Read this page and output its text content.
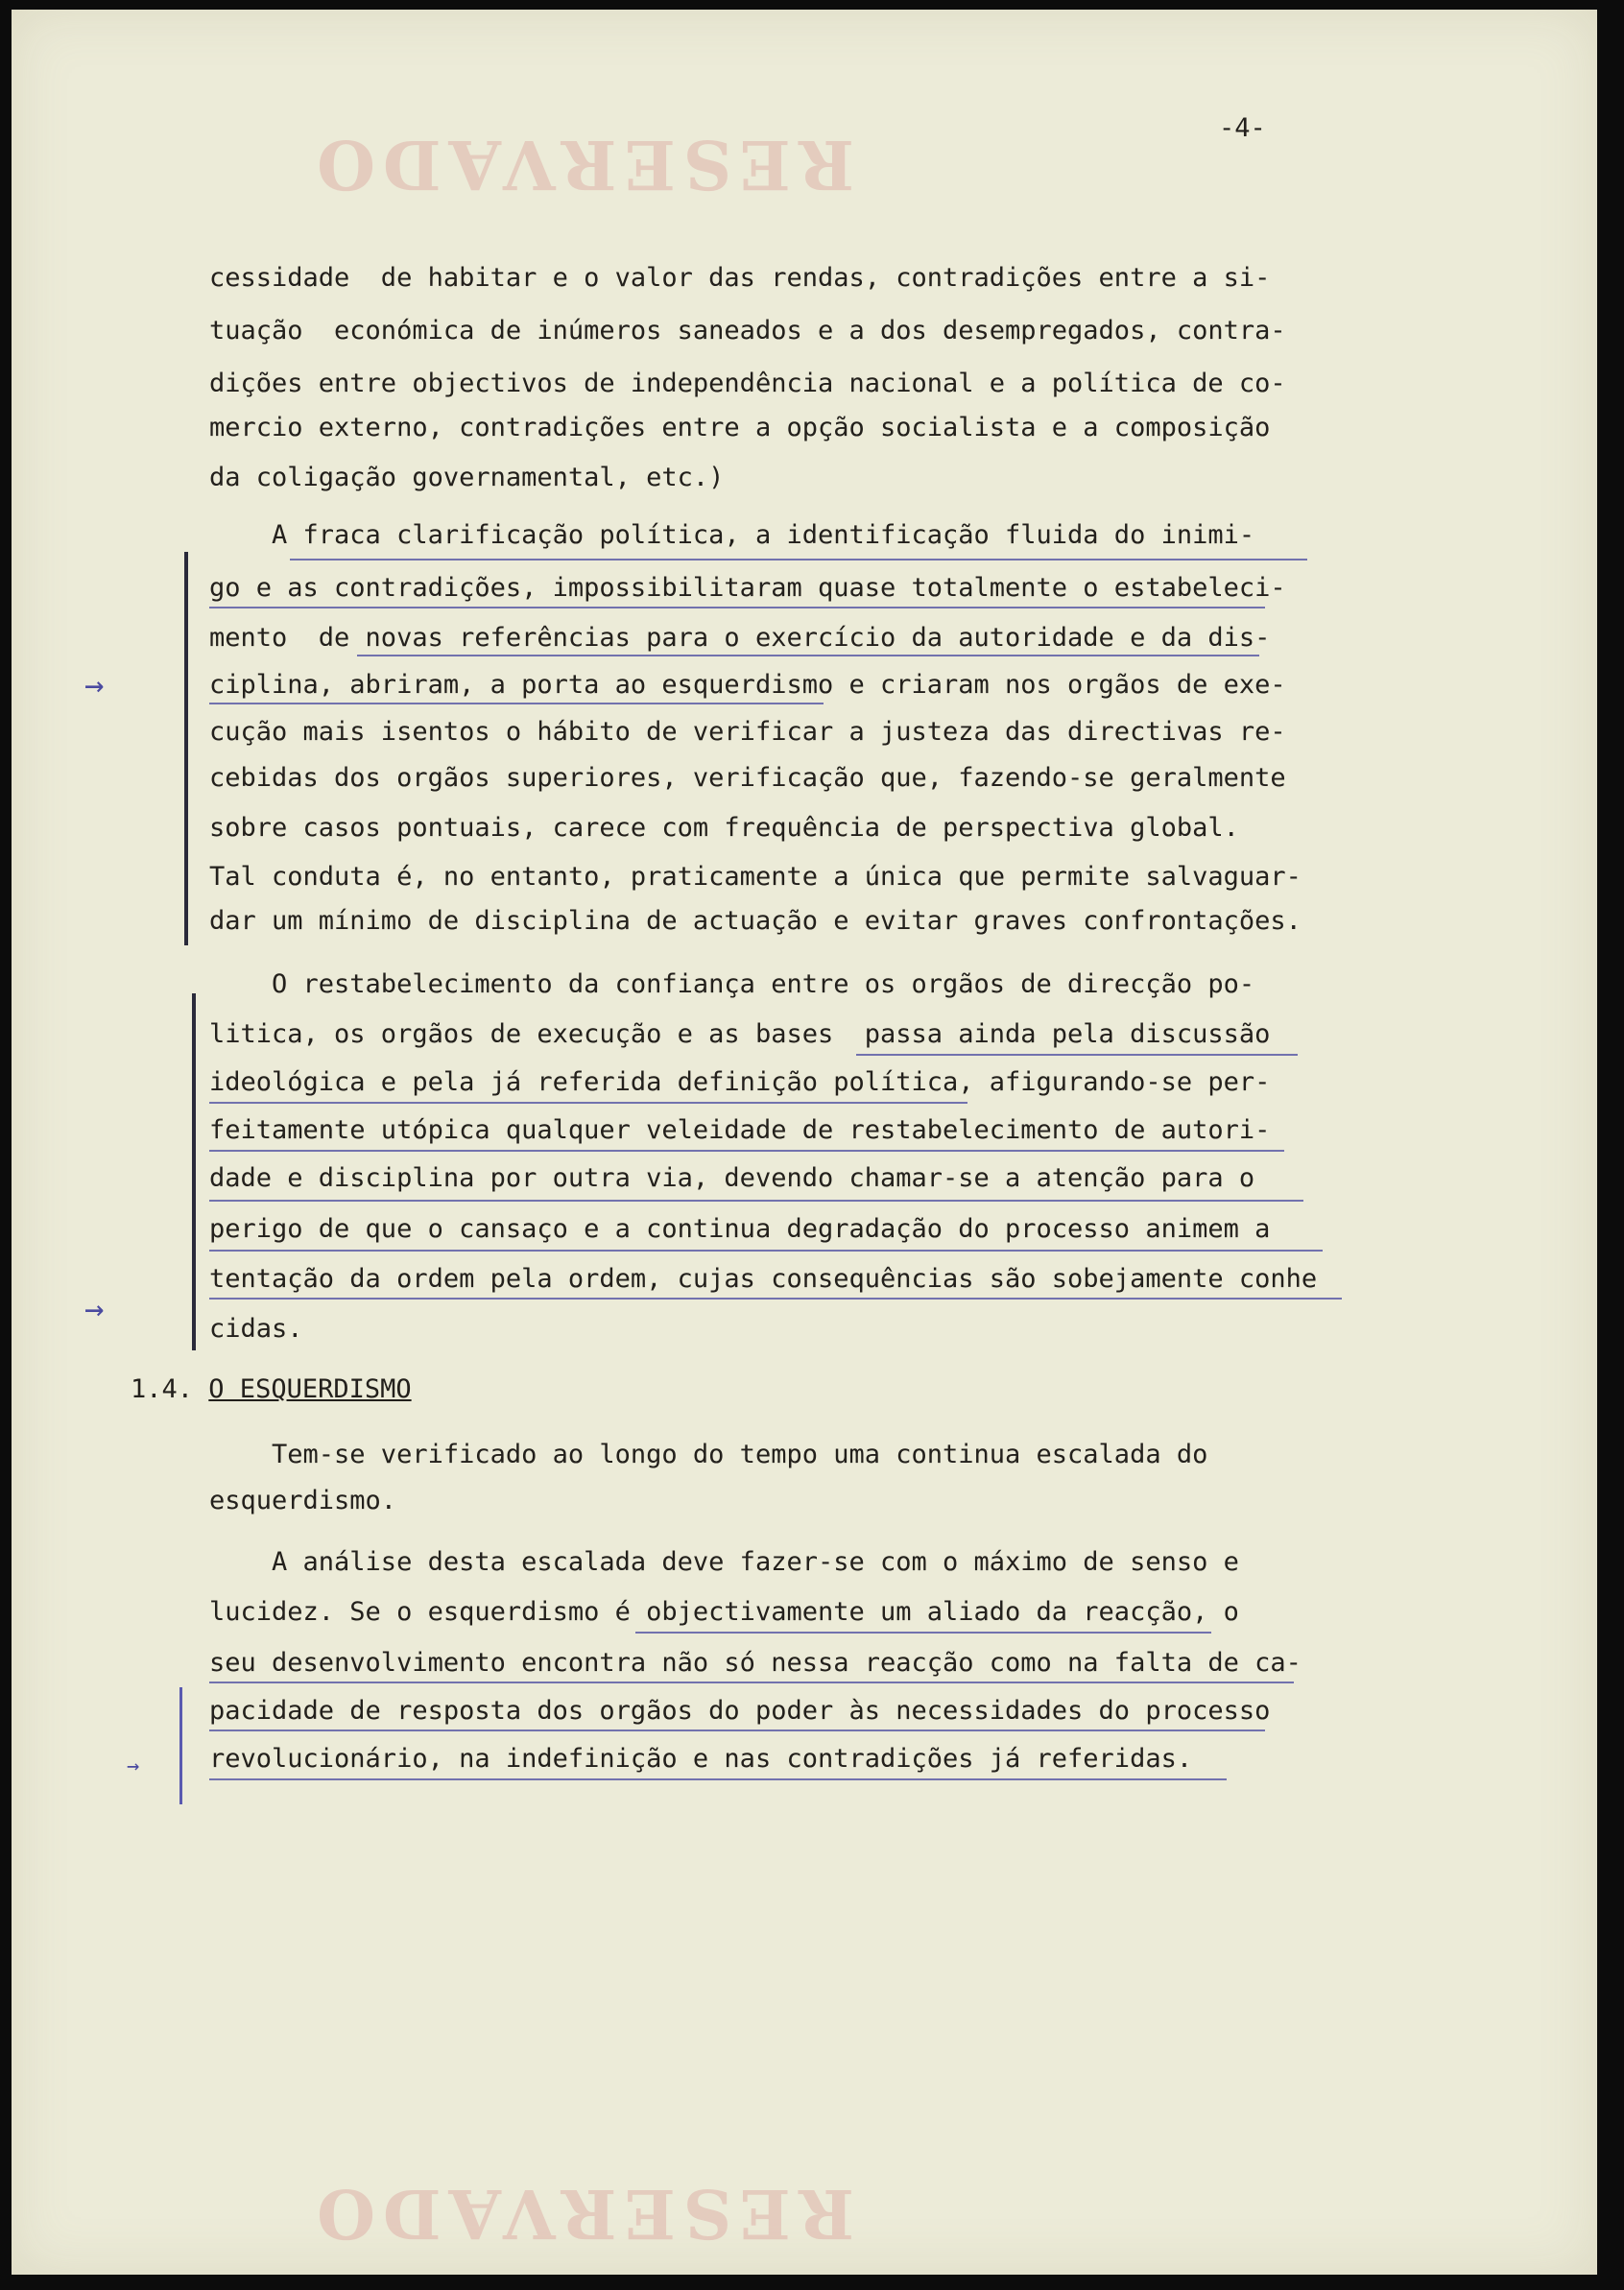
RESERVADO
RESERVADO
-4-
cessidade  de habitar e o valor das rendas, contradições entre a si-
tuação  económica de inúmeros saneados e a dos desempregados, contra-
dições entre objectivos de independência nacional e a política de co-
mercio externo, contradições entre a opção socialista e a composição
da coligação governamental, etc.)
A fraca clarificação política, a identificação fluida do inimi-
go e as contradições, impossibilitaram quase totalmente o estabeleci-
mento  de novas referências para o exercício da autoridade e da dis-
ciplina, abriram, a porta ao esquerdismo e criaram nos orgãos de exe-
cução mais isentos o hábito de verificar a justeza das directivas re-
cebidas dos orgãos superiores, verificação que, fazendo-se geralmente
sobre casos pontuais, carece com frequência de perspectiva global.
Tal conduta é, no entanto, praticamente a única que permite salvaguar-
dar um mínimo de disciplina de actuação e evitar graves confrontações.
O restabelecimento da confiança entre os orgãos de direcção po-
litica, os orgãos de execução e as bases  passa ainda pela discussão
ideológica e pela já referida definição política, afigurando-se per-
feitamente utópica qualquer veleidade de restabelecimento de autori-
dade e disciplina por outra via, devendo chamar-se a atenção para o
perigo de que o cansaço e a continua degradação do processo animem a
tentação da ordem pela ordem, cujas consequências são sobejamente conhe
cidas.
1.4. O ESQUERDISMO
Tem-se verificado ao longo do tempo uma continua escalada do
esquerdismo.
A análise desta escalada deve fazer-se com o máximo de senso e
lucidez. Se o esquerdismo é objectivamente um aliado da reacção, o
seu desenvolvimento encontra não só nessa reacção como na falta de ca-
pacidade de resposta dos orgãos do poder às necessidades do processo
revolucionário, na indefinição e nas contradições já referidas.
→
→
→
